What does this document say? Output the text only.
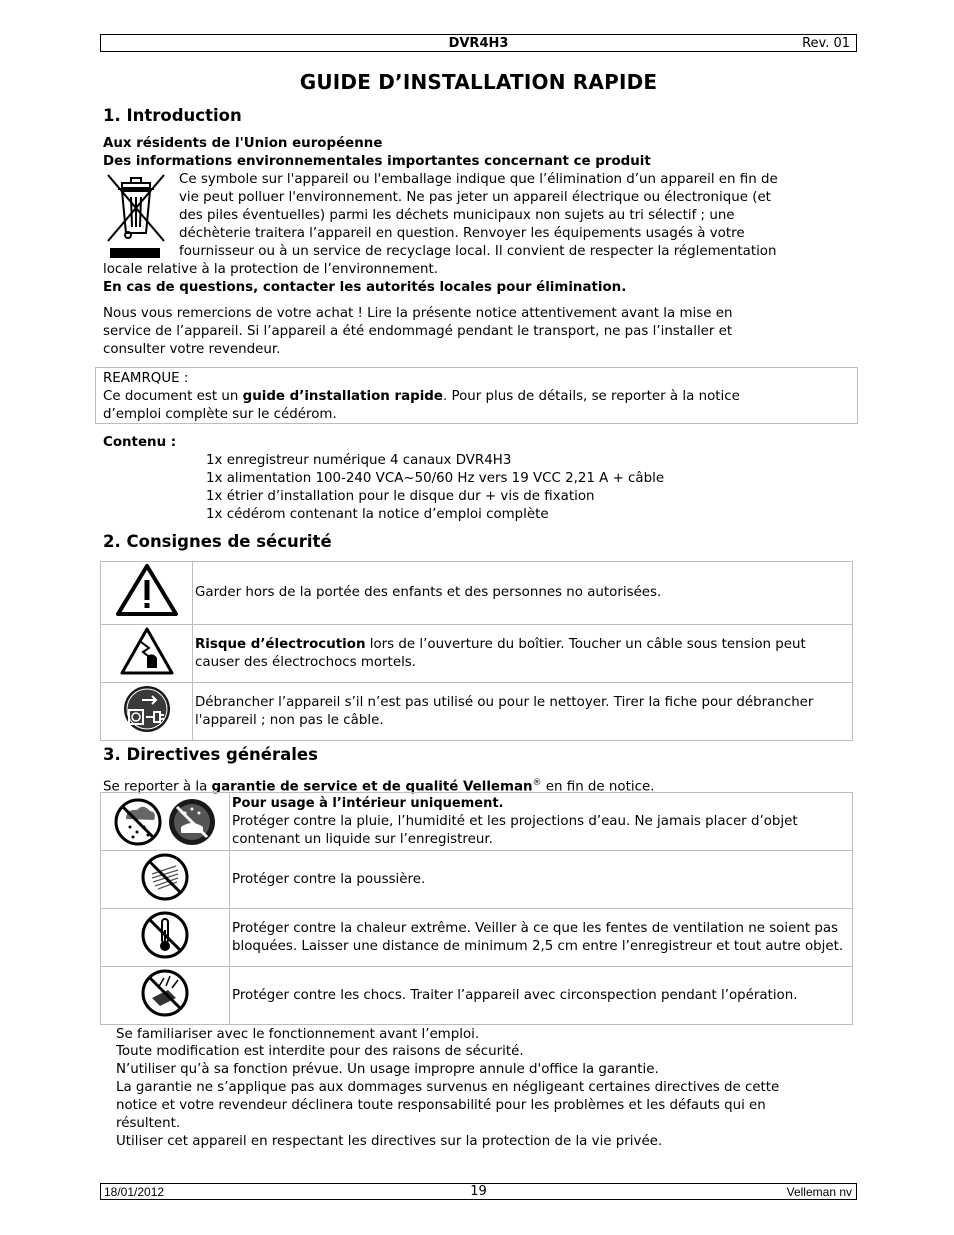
DVR4H3	Rev. 01
GUIDE D’INSTALLATION RAPIDE
1. Introduction
Aux résidents de l'Union européenne
Des informations environnementales importantes concernant ce produit
Ce symbole sur l'appareil ou l'emballage indique que l’élimination d’un appareil en fin de
vie peut polluer l'environnement. Ne pas jeter un appareil électrique ou électronique (et
des piles éventuelles) parmi les déchets municipaux non sujets au tri sélectif ; une
déchèterie traitera l’appareil en question. Renvoyer les équipements usagés à votre
fournisseur ou à un service de recyclage local. Il convient de respecter la réglementation
locale relative à la protection de l’environnement.
En cas de questions, contacter les autorités locales pour élimination.
Nous vous remercions de votre achat ! Lire la présente notice attentivement avant la mise en
service de l’appareil. Si l’appareil a été endommagé pendant le transport, ne pas l’installer et
consulter votre revendeur.
REAMRQUE :
Ce document est un guide d’installation rapide. Pour plus de détails, se reporter à la notice
d’emploi complète sur le cédérom.
Contenu :
1x enregistreur numérique 4 canaux DVR4H3
1x alimentation 100-240 VCA~50/60 Hz vers 19 VCC 2,21 A + câble
1x étrier d’installation pour le disque dur + vis de fixation
1x cédérom contenant la notice d’emploi complète
2. Consignes de sécurité
	Garder hors de la portée des enfants et des personnes no autorisées.
	Risque d’électrocution lors de l’ouverture du boîtier. Toucher un câble sous tension peut causer des électrochocs mortels.
	Débrancher l’appareil s’il n’est pas utilisé ou pour le nettoyer. Tirer la fiche pour débrancher l'appareil ; non pas le câble.
3. Directives générales
Se reporter à la garantie de service et de qualité Velleman® en fin de notice.

Pour usage à l’intérieur uniquement.
Protéger contre la pluie, l’humidité et les projections d’eau. Ne jamais placer d’objet contenant un liquide sur l’enregistreur.

	Protéger contre la poussière.
	Protéger contre la chaleur extrême. Veiller à ce que les fentes de ventilation ne soient pas bloquées. Laisser une distance de minimum 2,5 cm entre l’enregistreur et tout autre objet.
	Protéger contre les chocs. Traiter l’appareil avec circonspection pendant l’opération.
Se familiariser avec le fonctionnement avant l’emploi.
Toute modification est interdite pour des raisons de sécurité.
N’utiliser qu’à sa fonction prévue. Un usage impropre annule d'office la garantie.
La garantie ne s’applique pas aux dommages survenus en négligeant certaines directives de cette
notice et votre revendeur déclinera toute responsabilité pour les problèmes et les défauts qui en
résultent.
Utiliser cet appareil en respectant les directives sur la protection de la vie privée.
18/01/2012	19	Velleman nv
